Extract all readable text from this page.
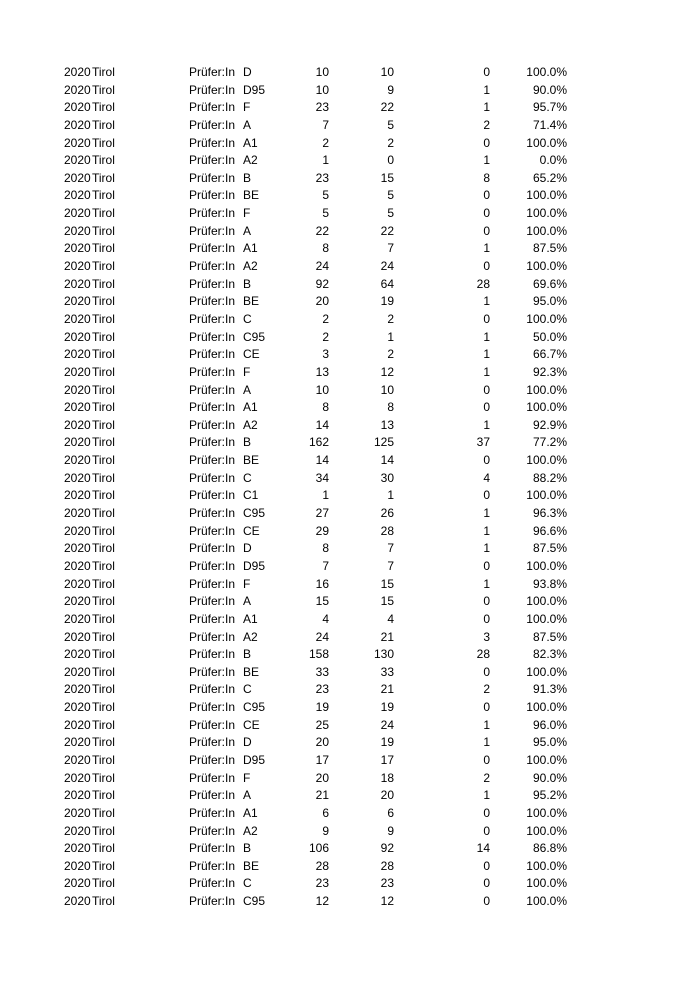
2020 Tirol	Prüfer:In D	10	10	0	100.0%
2020 Tirol	Prüfer:In D95	10	9	1	90.0%
2020 Tirol	Prüfer:In F	23	22	1	95.7%
2020 Tirol	Prüfer:In A	7	5	2	71.4%
2020 Tirol	Prüfer:In A1	2	2	0	100.0%
2020 Tirol	Prüfer:In A2	1	0	1	0.0%
2020 Tirol	Prüfer:In B	23	15	8	65.2%
2020 Tirol	Prüfer:In BE	5	5	0	100.0%
2020 Tirol	Prüfer:In F	5	5	0	100.0%
2020 Tirol	Prüfer:In A	22	22	0	100.0%
2020 Tirol	Prüfer:In A1	8	7	1	87.5%
2020 Tirol	Prüfer:In A2	24	24	0	100.0%
2020 Tirol	Prüfer:In B	92	64	28	69.6%
2020 Tirol	Prüfer:In BE	20	19	1	95.0%
2020 Tirol	Prüfer:In C	2	2	0	100.0%
2020 Tirol	Prüfer:In C95	2	1	1	50.0%
2020 Tirol	Prüfer:In CE	3	2	1	66.7%
2020 Tirol	Prüfer:In F	13	12	1	92.3%
2020 Tirol	Prüfer:In A	10	10	0	100.0%
2020 Tirol	Prüfer:In A1	8	8	0	100.0%
2020 Tirol	Prüfer:In A2	14	13	1	92.9%
2020 Tirol	Prüfer:In B	162	125	37	77.2%
2020 Tirol	Prüfer:In BE	14	14	0	100.0%
2020 Tirol	Prüfer:In C	34	30	4	88.2%
2020 Tirol	Prüfer:In C1	1	1	0	100.0%
2020 Tirol	Prüfer:In C95	27	26	1	96.3%
2020 Tirol	Prüfer:In CE	29	28	1	96.6%
2020 Tirol	Prüfer:In D	8	7	1	87.5%
2020 Tirol	Prüfer:In D95	7	7	0	100.0%
2020 Tirol	Prüfer:In F	16	15	1	93.8%
2020 Tirol	Prüfer:In A	15	15	0	100.0%
2020 Tirol	Prüfer:In A1	4	4	0	100.0%
2020 Tirol	Prüfer:In A2	24	21	3	87.5%
2020 Tirol	Prüfer:In B	158	130	28	82.3%
2020 Tirol	Prüfer:In BE	33	33	0	100.0%
2020 Tirol	Prüfer:In C	23	21	2	91.3%
2020 Tirol	Prüfer:In C95	19	19	0	100.0%
2020 Tirol	Prüfer:In CE	25	24	1	96.0%
2020 Tirol	Prüfer:In D	20	19	1	95.0%
2020 Tirol	Prüfer:In D95	17	17	0	100.0%
2020 Tirol	Prüfer:In F	20	18	2	90.0%
2020 Tirol	Prüfer:In A	21	20	1	95.2%
2020 Tirol	Prüfer:In A1	6	6	0	100.0%
2020 Tirol	Prüfer:In A2	9	9	0	100.0%
2020 Tirol	Prüfer:In B	106	92	14	86.8%
2020 Tirol	Prüfer:In BE	28	28	0	100.0%
2020 Tirol	Prüfer:In C	23	23	0	100.0%
2020 Tirol	Prüfer:In C95	12	12	0	100.0%
